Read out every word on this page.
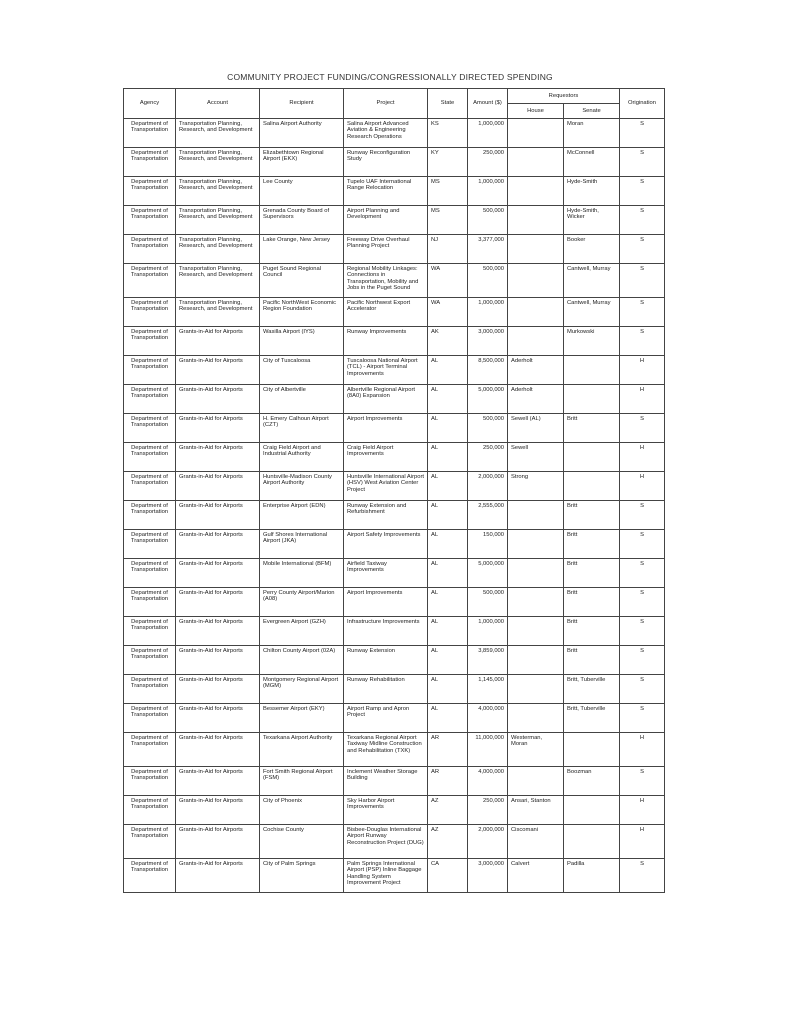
COMMUNITY PROJECT FUNDING/CONGRESSIONALLY DIRECTED SPENDING
Agency	Account	Recipient	Project	State	Amount ($)	Requestors		Origination
						House	Senate	
Department of Transportation	Transportation Planning, Research, and Development	Salina Airport Authority	Salina Airport Advanced Aviation & Engineering Research Operations	KS	1,000,000		Moran	S
Department of Transportation	Transportation Planning, Research, and Development	Elizabethtown Regional Airport (EKX)	Runway Reconfiguration Study	KY	250,000		McConnell	S
Department of Transportation	Transportation Planning, Research, and Development	Lee County	Tupelo UAF International Range Relocation	MS	1,000,000		Hyde-Smith	S
Department of Transportation	Transportation Planning, Research, and Development	Grenada County Board of Supervisors	Airport Planning and Development	MS	500,000		Hyde-Smith, Wicker	S
Department of Transportation	Transportation Planning, Research, and Development	Lake Orange, New Jersey	Freeway Drive Overhaul Planning Project	NJ	3,377,000		Booker	S
Department of Transportation	Transportation Planning, Research, and Development	Puget Sound Regional Council	Regional Mobility Linkages: Connections in Transportation, Mobility and Jobs in the Puget Sound	WA	500,000		Cantwell, Murray	S
Department of Transportation	Transportation Planning, Research, and Development	Pacific NorthWest Economic Region Foundation	Pacific Northwest Export Accelerator	WA	1,000,000		Cantwell, Murray	S
Department of Transportation	Grants-in-Aid for Airports	Wasilla Airport (IYS)	Runway Improvements	AK	3,000,000		Murkowski	S
Department of Transportation	Grants-in-Aid for Airports	City of Tuscaloosa	Tuscaloosa National Airport (TCL) - Airport Terminal Improvements	AL	8,500,000	Aderholt		H
Department of Transportation	Grants-in-Aid for Airports	City of Albertville	Albertville Regional Airport (8A0) Expansion	AL	5,000,000	Aderholt		H
Department of Transportation	Grants-in-Aid for Airports	H. Emery Calhoun Airport (CZT)	Airport Improvements	AL	500,000	Sewell (AL)	Britt	S
Department of Transportation	Grants-in-Aid for Airports	Craig Field Airport and Industrial Authority	Craig Field Airport Improvements	AL	250,000	Sewell		H
Department of Transportation	Grants-in-Aid for Airports	Huntsville-Madison County Airport Authority	Huntsville International Airport (HSV) West Aviation Center Project	AL	2,000,000	Strong		H
Department of Transportation	Grants-in-Aid for Airports	Enterprise Airport (EDN)	Runway Extension and Refurbishment	AL	2,555,000		Britt	S
Department of Transportation	Grants-in-Aid for Airports	Gulf Shores International Airport (JKA)	Airport Safety Improvements	AL	150,000		Britt	S
Department of Transportation	Grants-in-Aid for Airports	Mobile International (BFM)	Airfield Taxiway Improvements	AL	5,000,000		Britt	S
Department of Transportation	Grants-in-Aid for Airports	Perry County Airport/Marion (A08)	Airport Improvements	AL	500,000		Britt	S
Department of Transportation	Grants-in-Aid for Airports	Evergreen Airport (GZH)	Infrastructure Improvements	AL	1,000,000		Britt	S
Department of Transportation	Grants-in-Aid for Airports	Chilton County Airport (02A)	Runway Extension	AL	3,859,000		Britt	S
Department of Transportation	Grants-in-Aid for Airports	Montgomery Regional Airport (MGM)	Runway Rehabilitation	AL	1,145,000		Britt, Tuberville	S
Department of Transportation	Grants-in-Aid for Airports	Bessemer Airport (EKY)	Airport Ramp and Apron Project	AL	4,000,000		Britt, Tuberville	S
Department of Transportation	Grants-in-Aid for Airports	Texarkana Airport Authority	Texarkana Regional Airport Taxiway Midline Construction and Rehabilitation (TXK)	AR	11,000,000	Westerman, Moran		H
Department of Transportation	Grants-in-Aid for Airports	Fort Smith Regional Airport (FSM)	Inclement Weather Storage Building	AR	4,000,000		Boozman	S
Department of Transportation	Grants-in-Aid for Airports	City of Phoenix	Sky Harbor Airport Improvements	AZ	250,000	Ansari, Stanton		H
Department of Transportation	Grants-in-Aid for Airports	Cochise County	Bisbee-Douglas International Airport Runway Reconstruction Project (DUG)	AZ	2,000,000	Ciscomani		H
Department of Transportation	Grants-in-Aid for Airports	City of Palm Springs	Palm Springs International Airport (PSP) Inline Baggage Handling System Improvement Project	CA	3,000,000	Calvert	Padilla	S
